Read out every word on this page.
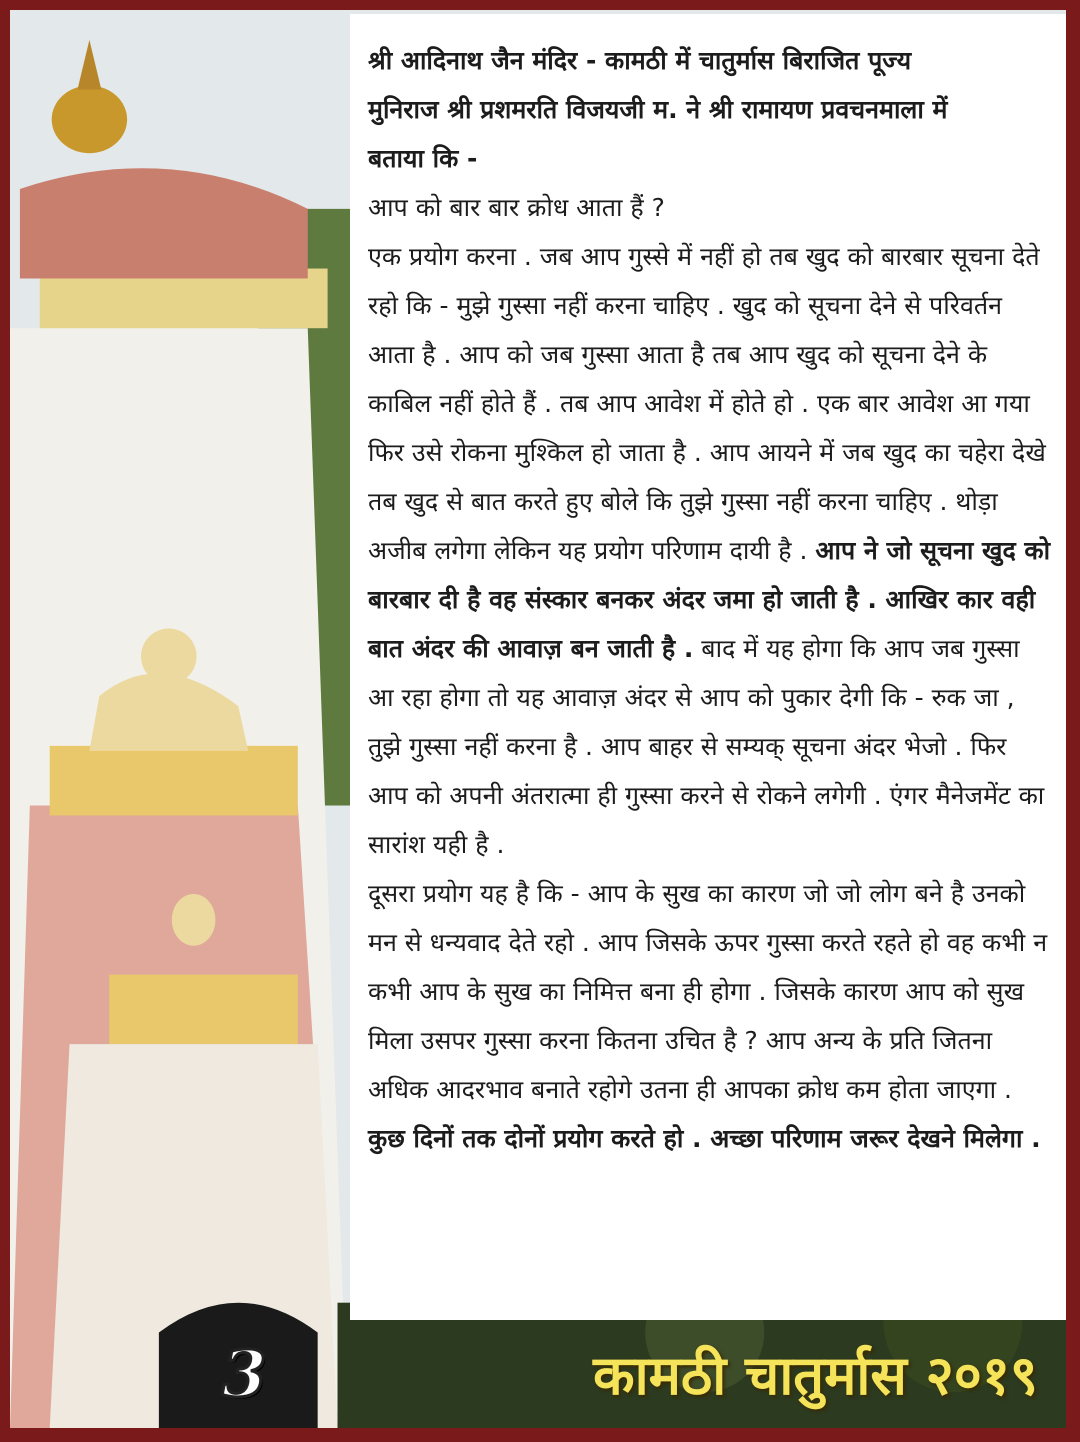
श्री आदिनाथ जैन मंदिर - कामठी में चातुर्मास बिराजित पूज्य

मुनिराज श्री प्रशमरति विजयजी म. ने श्री रामायण प्रवचनमाला में

बताया कि -

आप को बार बार क्रोध आता हैं ?

एक प्रयोग करना . जब आप गुस्से में नहीं हो तब खुद को बारबार सूचना देते रहो कि - मुझे गुस्सा नहीं करना चाहिए . खुद को सूचना देने से परिवर्तन आता है . आप को जब गुस्सा आता है तब आप खुद को सूचना देने के काबिल नहीं होते हैं . तब आप आवेश में होते हो . एक बार आवेश आ गया फिर उसे रोकना मुश्किल हो जाता है . आप आयने में जब खुद का चहेरा देखे तब खुद से बात करते हुए बोले कि तुझे गुस्सा नहीं करना चाहिए . थोड़ा अजीब लगेगा लेकिन यह प्रयोग परिणाम दायी है . आप ने जो सूचना खुद को बारबार दी है वह संस्कार बनकर अंदर जमा हो जाती है . आखिर कार वही बात अंदर की आवाज़ बन जाती है . बाद में यह होगा कि आप जब गुस्सा आ रहा होगा तो यह आवाज़ अंदर से आप को पुकार देगी कि - रुक जा , तुझे गुस्सा नहीं करना है . आप बाहर से सम्यक् सूचना अंदर भेजो . फिर आप को अपनी अंतरात्मा ही गुस्सा करने से रोकने लगेगी . एंगर मैनेजमेंट का सारांश यही है .

दूसरा प्रयोग यह है कि - आप के सुख का कारण जो जो लोग बने है उनको मन से धन्यवाद देते रहो . आप जिसके ऊपर गुस्सा करते रहते हो वह कभी न कभी आप के सुख का निमित्त बना ही होगा . जिसके कारण आप को सुख मिला उसपर गुस्सा करना कितना उचित है ? आप अन्य के प्रति जितना अधिक आदरभाव बनाते रहोगे उतना ही आपका क्रोध कम होता जाएगा .

कुछ दिनों तक दोनों प्रयोग करते हो . अच्छा परिणाम जरूर देखने मिलेगा .

3	कामठी चातुर्मास २०१९
